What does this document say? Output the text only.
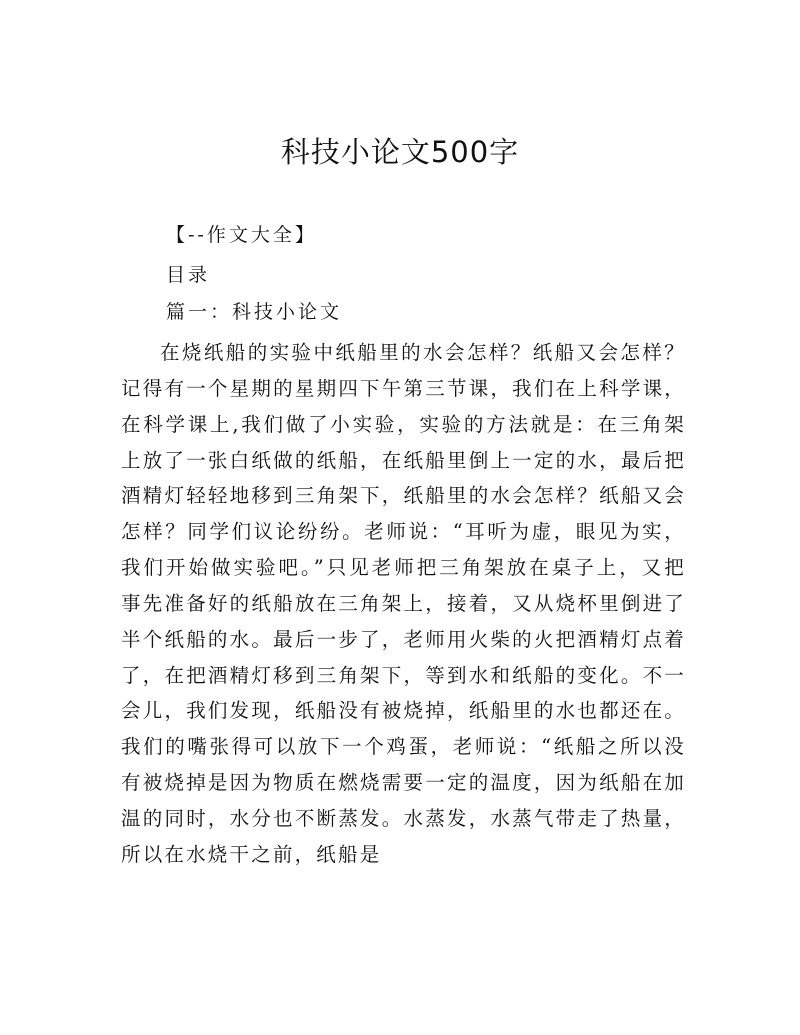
科技小论文500字
【--作文大全】
目录
篇一：科技小论文
在烧纸船的实验中纸船里的水会怎样？纸船又会怎样？记得有一个星期的星期四下午第三节课，我们在上科学课，在科学课上,我们做了小实验，实验的方法就是：在三角架上放了一张白纸做的纸船，在纸船里倒上一定的水，最后把酒精灯轻轻地移到三角架下，纸船里的水会怎样？纸船又会怎样？同学们议论纷纷。老师说：“耳听为虚，眼见为实，我们开始做实验吧。”只见老师把三角架放在桌子上，又把事先准备好的纸船放在三角架上，接着，又从烧杯里倒进了半个纸船的水。最后一步了，老师用火柴的火把酒精灯点着了，在把酒精灯移到三角架下，等到水和纸船的变化。不一会儿，我们发现，纸船没有被烧掉，纸船里的水也都还在。 我们的嘴张得可以放下一个鸡蛋，老师说：“纸船之所以没有被烧掉是因为物质在燃烧需要一定的温度，因为纸船在加温的同时，水分也不断蒸发。水蒸发，水蒸气带走了热量，所以在水烧干之前，纸船是
